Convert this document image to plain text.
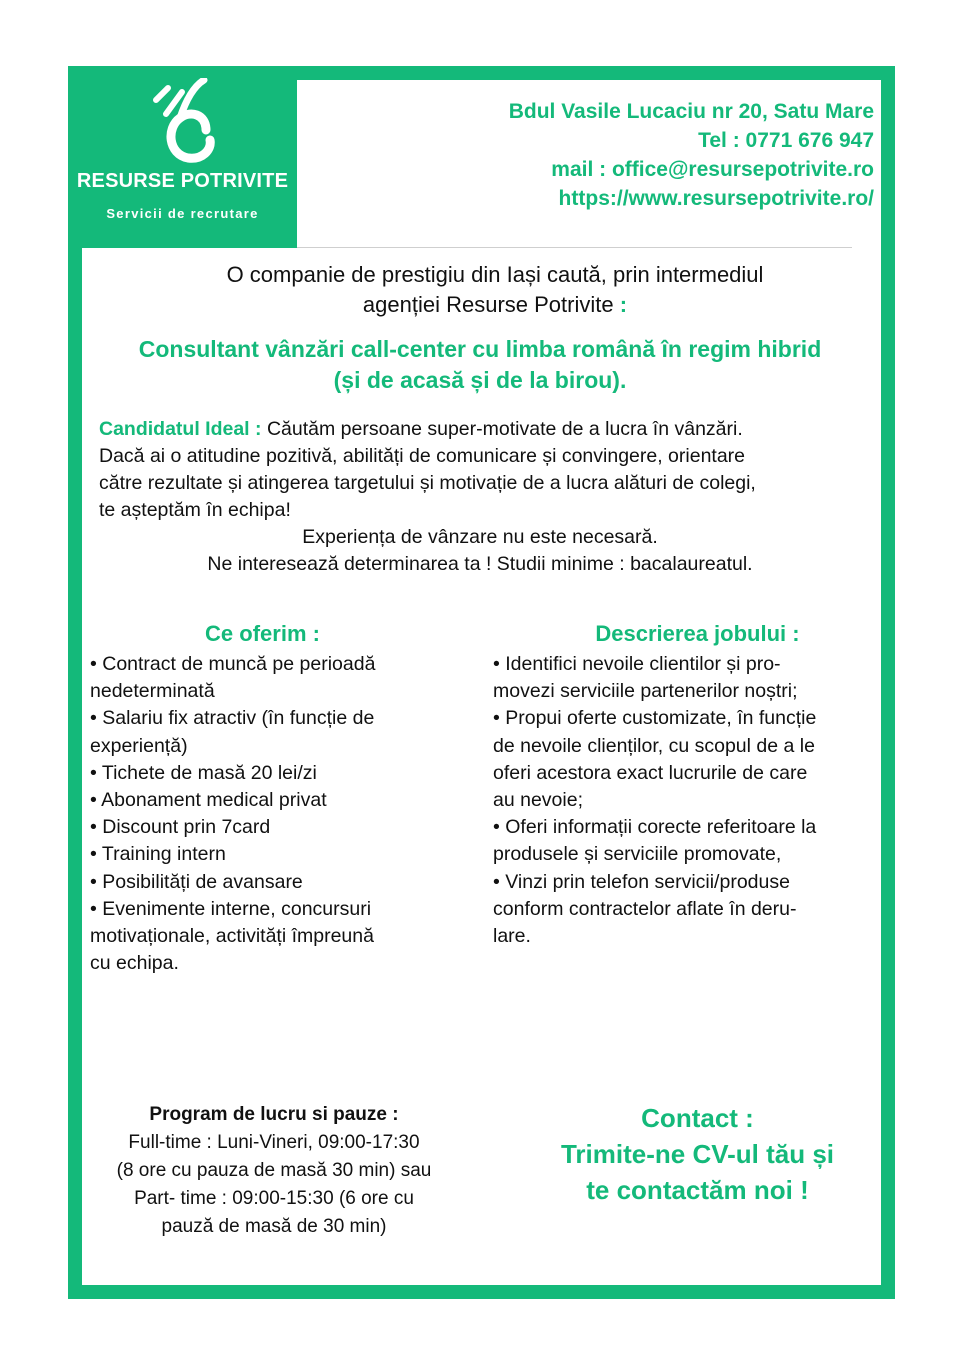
RESURSE POTRIVITE
Servicii de recrutare
Bdul Vasile Lucaciu nr 20, Satu Mare
Tel : 0771 676 947
mail : office@resursepotrivite.ro
https://www.resursepotrivite.ro/
O companie de prestigiu din Iași caută, prin intermediul
agenției Resurse Potrivite :
Consultant vânzări call-center cu limba română în regim hibrid
(și de acasă și de la birou).
Candidatul Ideal : Căutăm persoane super-motivate de a lucra în vânzări.
Dacă ai o atitudine pozitivă, abilități de comunicare și convingere, orientare
către rezultate și atingerea targetului și motivație de a lucra alături de colegi,
te așteptăm în echipa!
Experiența de vânzare nu este necesară.
Ne interesează determinarea ta ! Studii minime : bacalaureatul.
Ce oferim :
• Contract de muncă pe perioadă
nedeterminată
• Salariu fix atractiv (în funcție de
experiență)
• Tichete de masă 20 lei/zi
• Abonament medical privat
• Discount prin 7card
• Training intern
• Posibilități de avansare
• Evenimente interne, concursuri
motivaționale, activități împreună
cu echipa.
Descrierea jobului :
• Identifici nevoile clientilor și pro-
movezi serviciile partenerilor noștri;
• Propui oferte customizate, în funcție
de nevoile clienților, cu scopul de a le
oferi acestora exact lucrurile de care
au nevoie;
• Oferi informații corecte referitoare la
produsele și serviciile promovate,
• Vinzi prin telefon servicii/produse
conform contractelor aflate în deru-
lare.
Program de lucru si pauze :
Full-time : Luni-Vineri, 09:00-17:30
(8 ore cu pauza de masă 30 min) sau
Part- time : 09:00-15:30 (6 ore cu
pauză de masă de 30 min)
Contact :
Trimite-ne CV-ul tău și
te contactăm noi !
